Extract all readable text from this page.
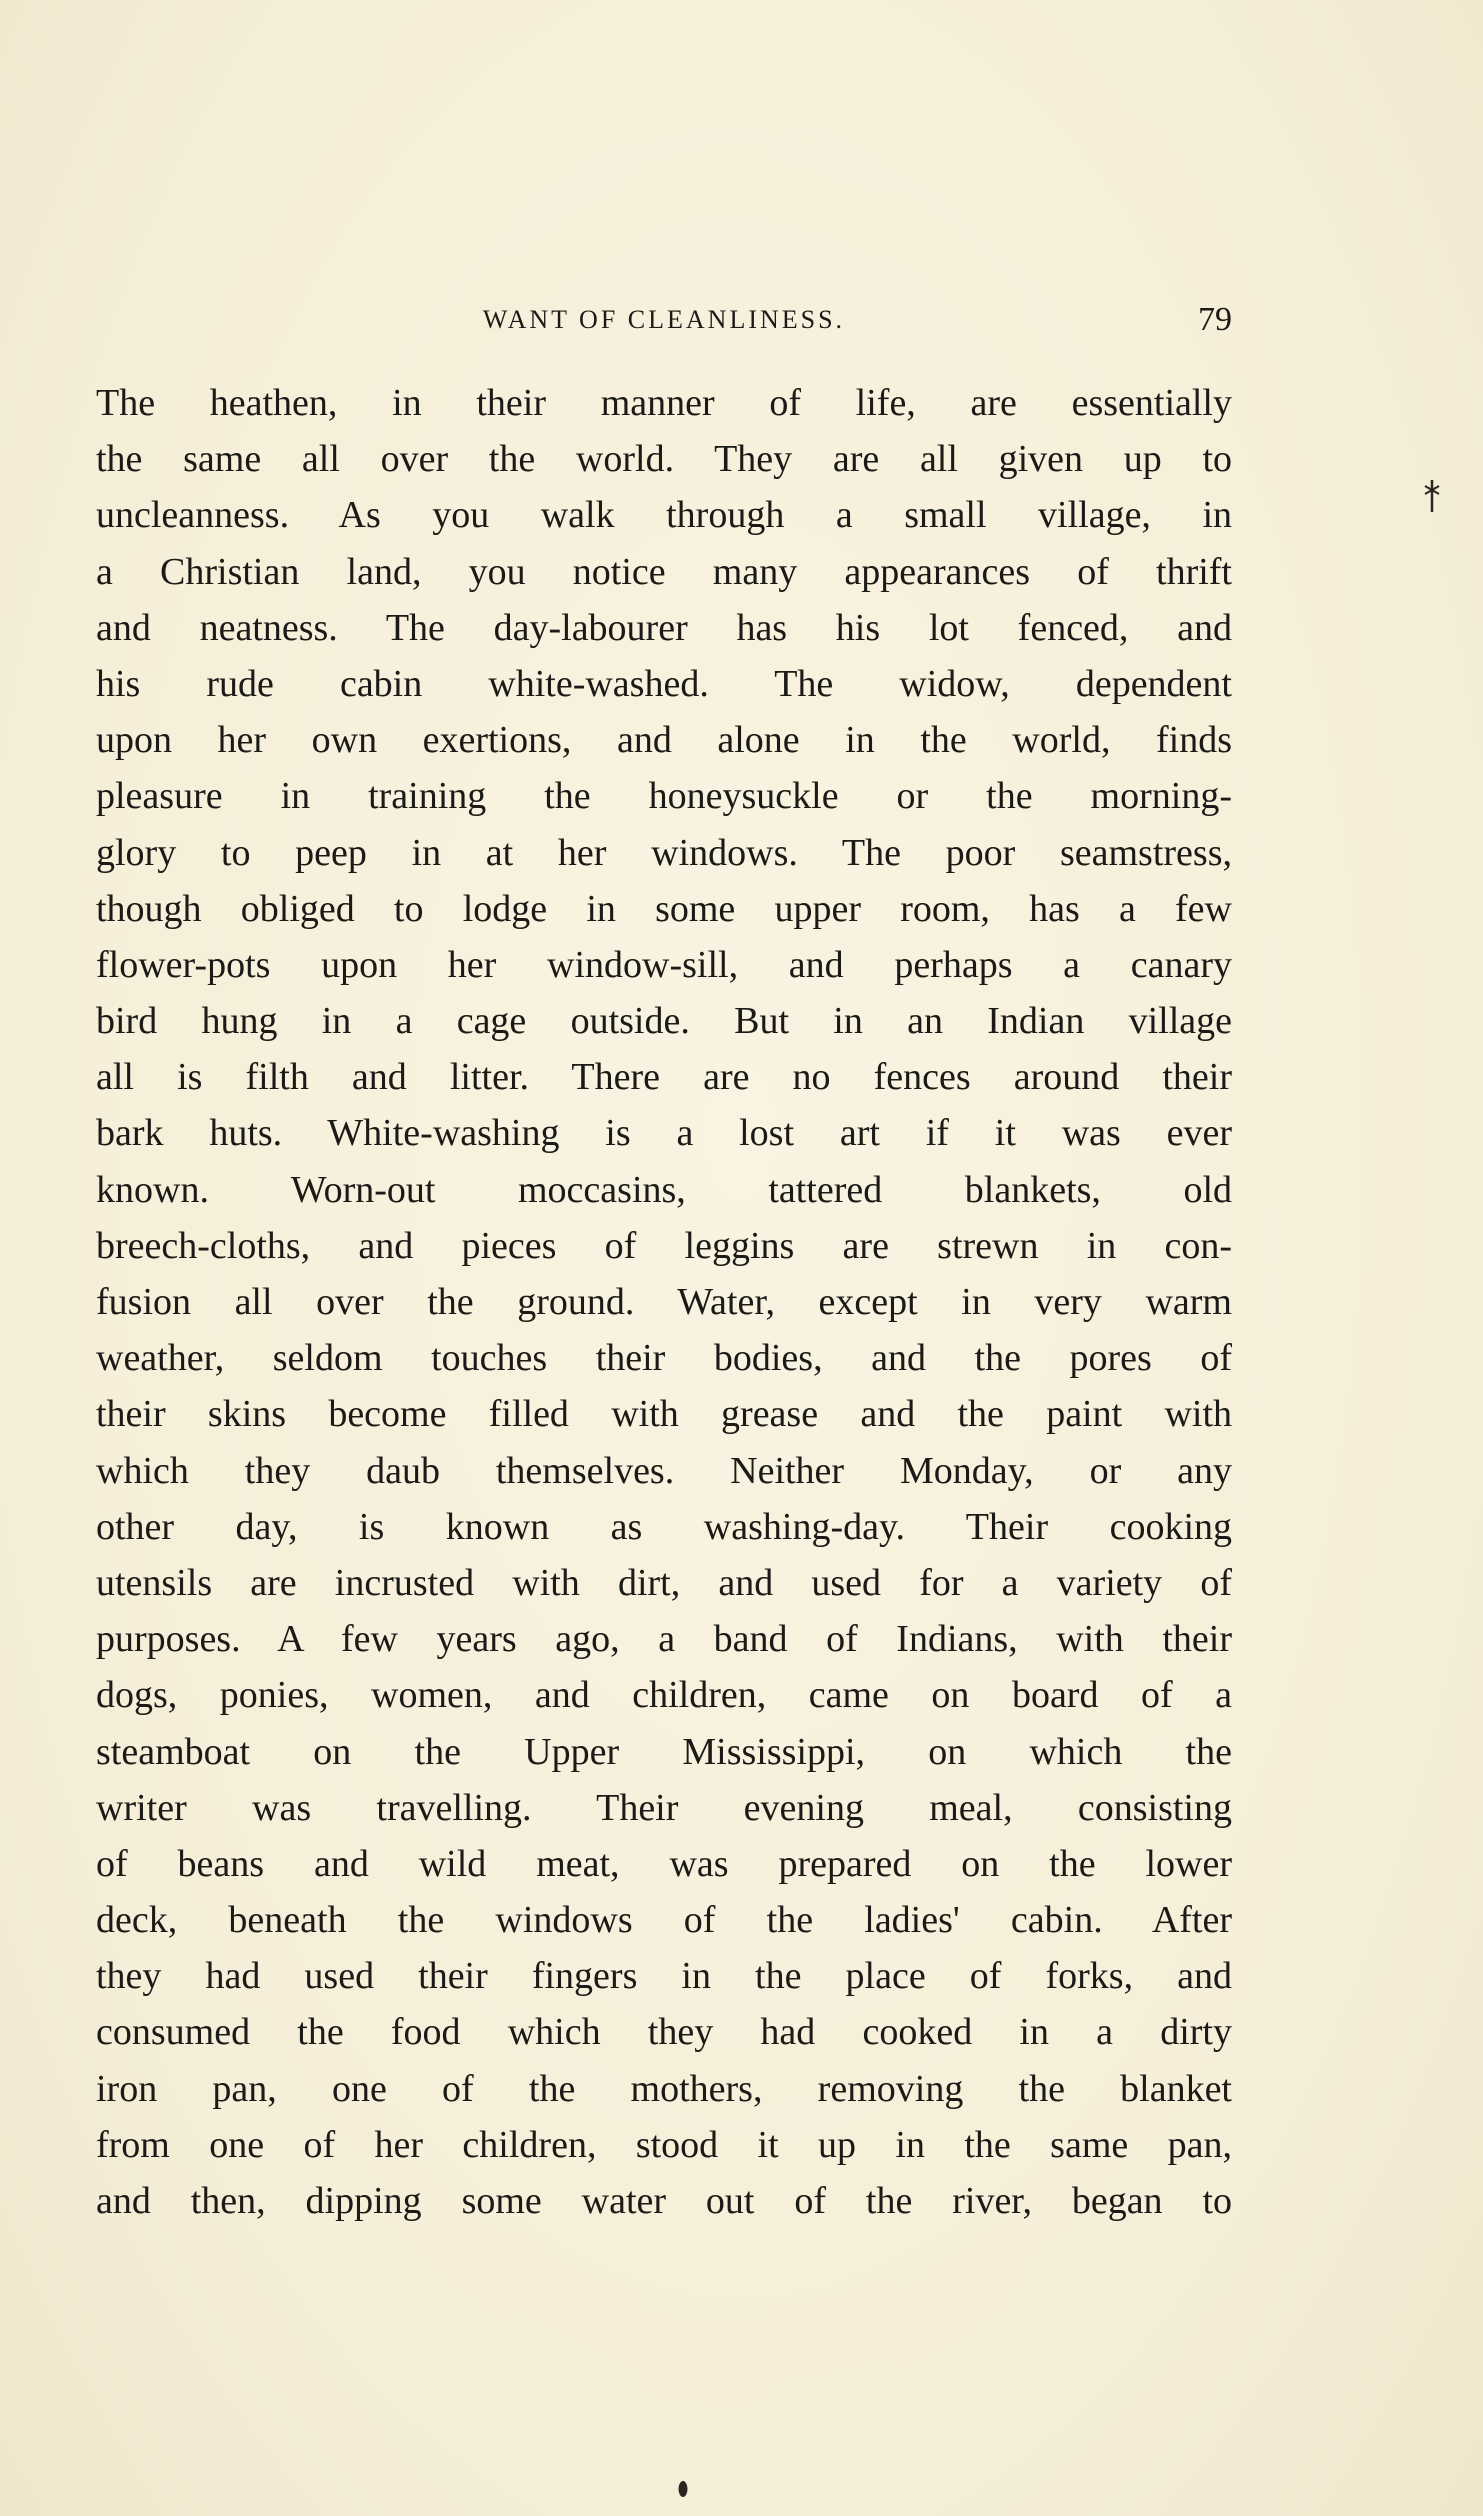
WANT OF CLEANLINESS.	79
The heathen, in their manner of life, are essentially
the same all over the world. They are all given up to
uncleanness. As you walk through a small village, in
a Christian land, you notice many appearances of thrift
and neatness. The day-labourer has his lot fenced, and
his rude cabin white-washed. The widow, dependent
upon her own exertions, and alone in the world, finds
pleasure in training the honeysuckle or the morning-
glory to peep in at her windows. The poor seamstress,
though obliged to lodge in some upper room, has a few
flower-pots upon her window-sill, and perhaps a canary
bird hung in a cage outside. But in an Indian village
all is filth and litter. There are no fences around their
bark huts. White-washing is a lost art if it was ever
known. Worn-out moccasins, tattered blankets, old
breech-cloths, and pieces of leggins are strewn in con-
fusion all over the ground. Water, except in very warm
weather, seldom touches their bodies, and the pores of
their skins become filled with grease and the paint with
which they daub themselves. Neither Monday, or any
other day, is known as washing-day. Their cooking
utensils are incrusted with dirt, and used for a variety of
purposes. A few years ago, a band of Indians, with their
dogs, ponies, women, and children, came on board of a
steamboat on the Upper Mississippi, on which the
writer was travelling. Their evening meal, consisting
of beans and wild meat, was prepared on the lower
deck, beneath the windows of the ladies' cabin. After
they had used their fingers in the place of forks, and
consumed the food which they had cooked in a dirty
iron pan, one of the mothers, removing the blanket
from one of her children, stood it up in the same pan,
and then, dipping some water out of the river, began to
